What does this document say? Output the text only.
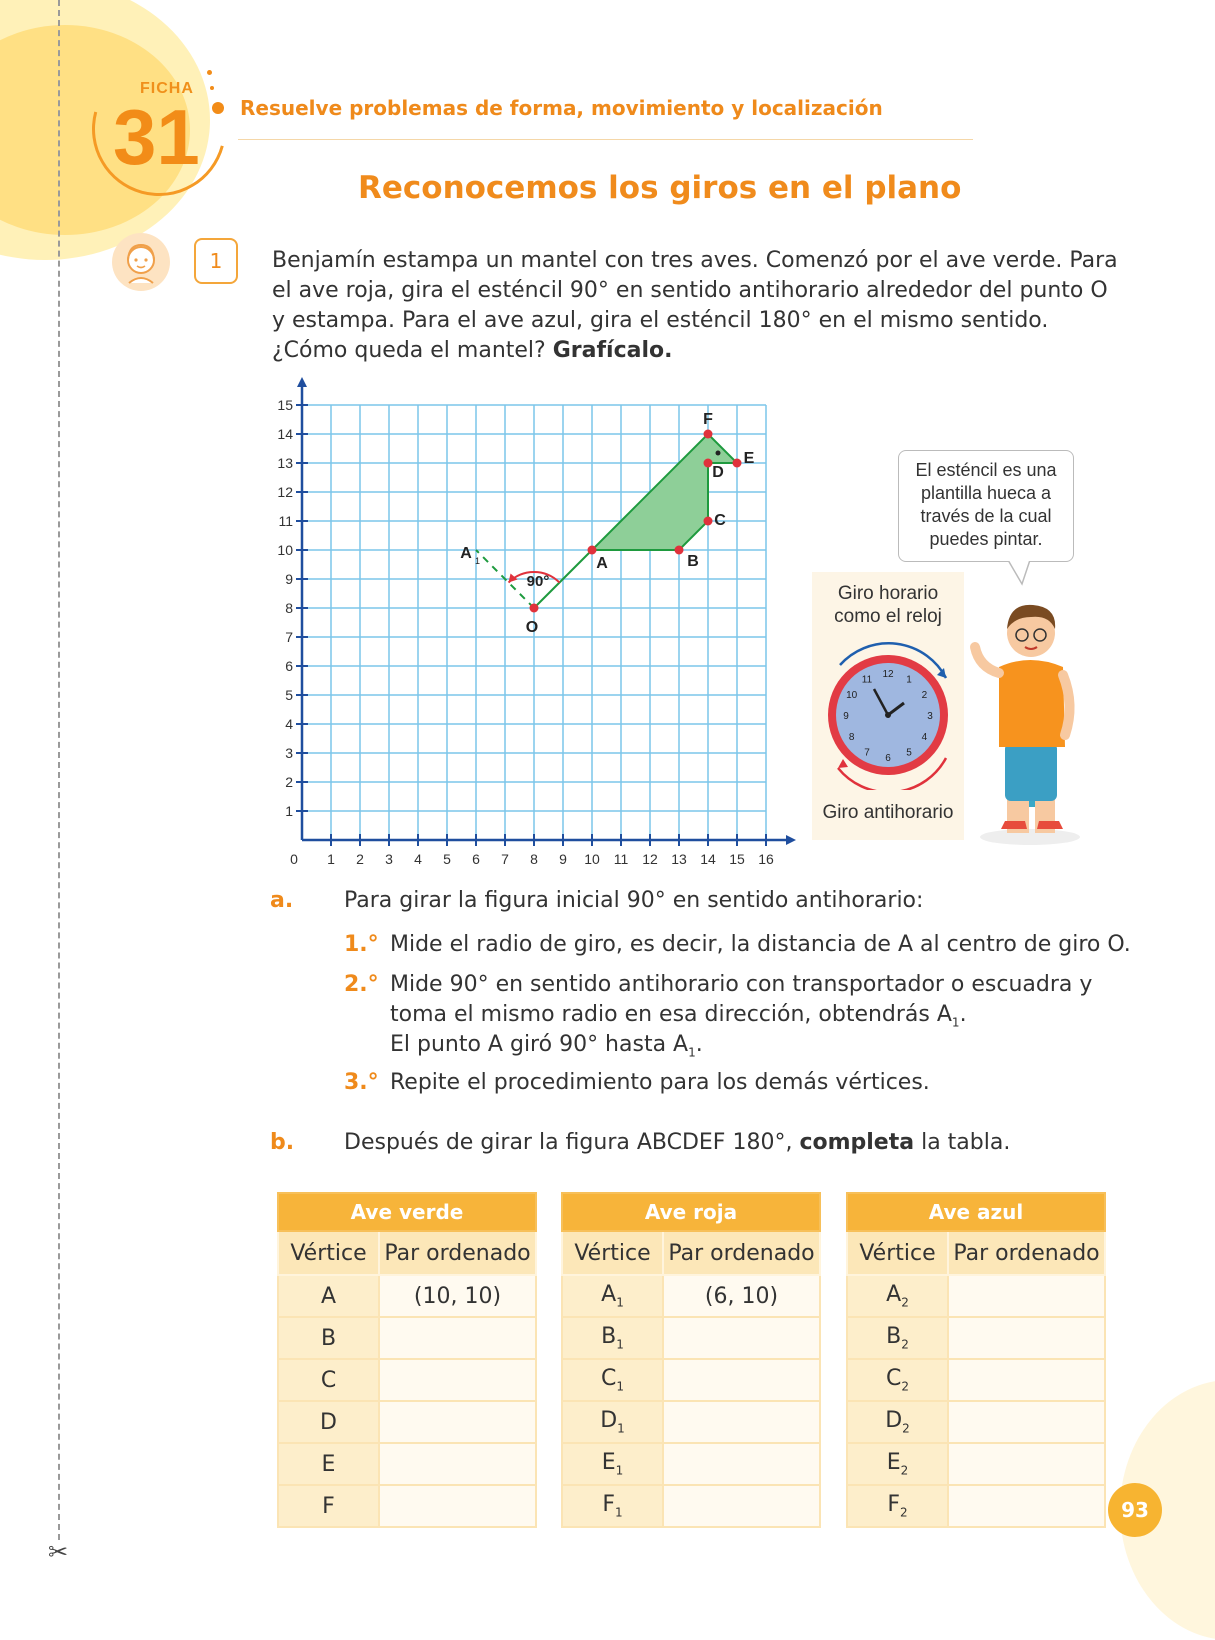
✂
FICHA
31 Resuelve problemas de forma, movimiento y localización
Reconocemos los giros en el plano
1	Benjamín estampa un mantel con tres aves. Comenzó por el ave verde. Para el ave roja, gira el esténcil 90° en sentido antihorario alrededor del punto O y estampa. Para el ave azul, gira el esténcil 180° en el mismo sentido. ¿Cómo queda el mantel? Grafícalo.
0 1 2 3 4 5 6 7 8 9 10 11 12 13 14 15 16
1
2
3
4
5
6
7
8
9
10
11
12
13
14
15
90°
A	B
C
D
E
F
O
A 1
El esténcil es una plantilla hueca a través de la cual puedes pintar.
Giro horario como el reloj
12
1
2
3
4
5
6
7
8
9
10
11
Giro antihorario
a. Para girar la figura inicial 90° en sentido antihorario:
1.° Mide el radio de giro, es decir, la distancia de A al centro de giro O.
2.° Mide 90° en sentido antihorario con transportador o escuadra y
toma el mismo radio en esa dirección, obtendrás $A_1$.
El punto A giró 90° hasta $A_1$.
3.° Repite el procedimiento para los demás vértices.
b. Después de girar la figura ABCDEF 180°, completa la tabla.
Ave verde	
Vértice	Par ordenado
A	(10, 10)
B	
C	
D	
E	
F	
Ave roja	
Vértice	Par ordenado
$A_1$	(6, 10)
$B_1$	
$C_1$	
$D_1$	
$E_1$	
$F_1$	
Ave azul	
Vértice	Par ordenado
$A_2$	
$B_2$	
$C_2$	
$D_2$	
$E_2$	
$F_2$		93
